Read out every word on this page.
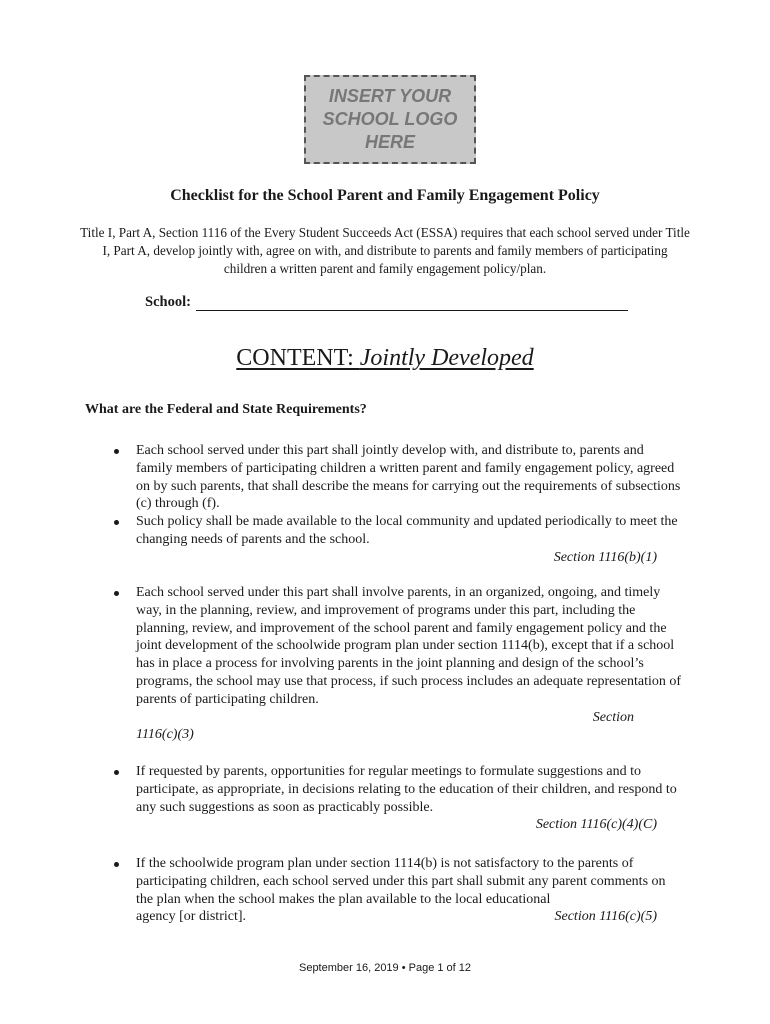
INSERT YOUR
SCHOOL LOGO
HERE
Checklist for the School Parent and Family Engagement Policy
Title I, Part A, Section 1116 of the Every Student Succeeds Act (ESSA) requires that each school served under Title I, Part A, develop jointly with, agree on with, and distribute to parents and family members of participating children a written parent and family engagement policy/plan.
School:
CONTENT: Jointly Developed
What are the Federal and State Requirements?
Each school served under this part shall jointly develop with, and distribute to, parents and family members of participating children a written parent and family engagement policy, agreed on by such parents, that shall describe the means for carrying out the requirements of subsections (c) through (f).
Such policy shall be made available to the local community and updated periodically to meet the changing needs of parents and the school.
Section 1116(b)(1)
Each school served under this part shall involve parents, in an organized, ongoing, and timely way, in the planning, review, and improvement of programs under this part, including the planning, review, and improvement of the school parent and family engagement policy and the joint development of the schoolwide program plan under section 1114(b), except that if a school has in place a process for involving parents in the joint planning and design of the school’s programs, the school may use that process, if such process includes an adequate representation of parents of participating children.
Section
1116(c)(3)
If requested by parents, opportunities for regular meetings to formulate suggestions and to participate, as appropriate, in decisions relating to the education of their children, and respond to any such suggestions as soon as practicably possible.
Section 1116(c)(4)(C)
If the schoolwide program plan under section 1114(b) is not satisfactory to the parents of participating children, each school served under this part shall submit any parent comments on the plan when the school makes the plan available to the local educational
agency [or district].	Section 1116(c)(5)
September 16, 2019 • Page 1 of 12
